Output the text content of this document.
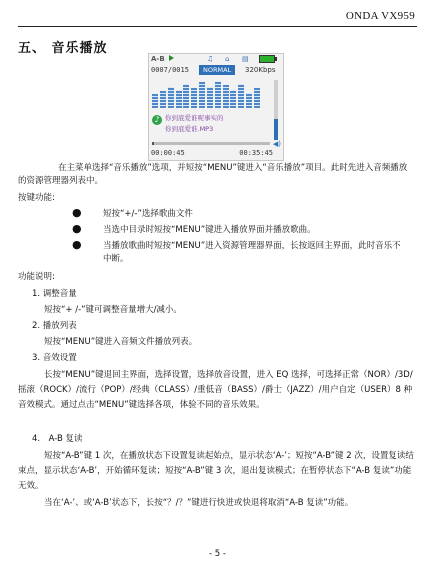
ONDA VX959
五、 音乐播放
A-B	♫ ⌂ ▤
0007/0015	NORMAL	320Kbps
♪ 你到底爱谁呢事实的
你到底爱谁.MP3
◀)
00:00:45	00:35:45
在主菜单选择“音乐播放”选项，并短按“MENU”键进入“音乐播放”项目。此时先进入音频播放的资源管理器列表中。
按键功能:
●	短按“+/-”选择歌曲文件
●	当选中目录时短按“MENU”键进入播放界面并播放歌曲。
●	当播放歌曲时短按“MENU”进入资源管理器界面，长按返回主界面，此时音乐不中断。
功能说明:
1. 调整音量
短按“+ /-”键可调整音量增大/减小。
2. 播放列表
短按“MENU”键进入音频文件播放列表。
3. 音效设置
长按“MENU”键退回主界面，选择设置，选择放音设置，进入 EQ 选择，可选择正常（NOR）/3D/摇滚（ROCK）/流行（POP）/经典（CLASS）/重低音（BASS）/爵士（JAZZ）/用户自定（USER）8 种音效模式。通过点击“MENU”键选择各项，体验不同的音乐效果。
4.　A-B 复读
短按“A-B”键 1 次，在播放状态下设置复读起始点，显示状态‘A-’；短按“A-B”键 2 次，设置复读结束点，显示状态‘A-B’，开始循环复读；短按“A-B”键 3 次，退出复读模式；在暂停状态下“A-B 复读”功能无效。
当在‘A-’、或‘A-B’状态下，长按“？/？”键进行快进或快退将取消“A-B 复读”功能。
- 5 -
